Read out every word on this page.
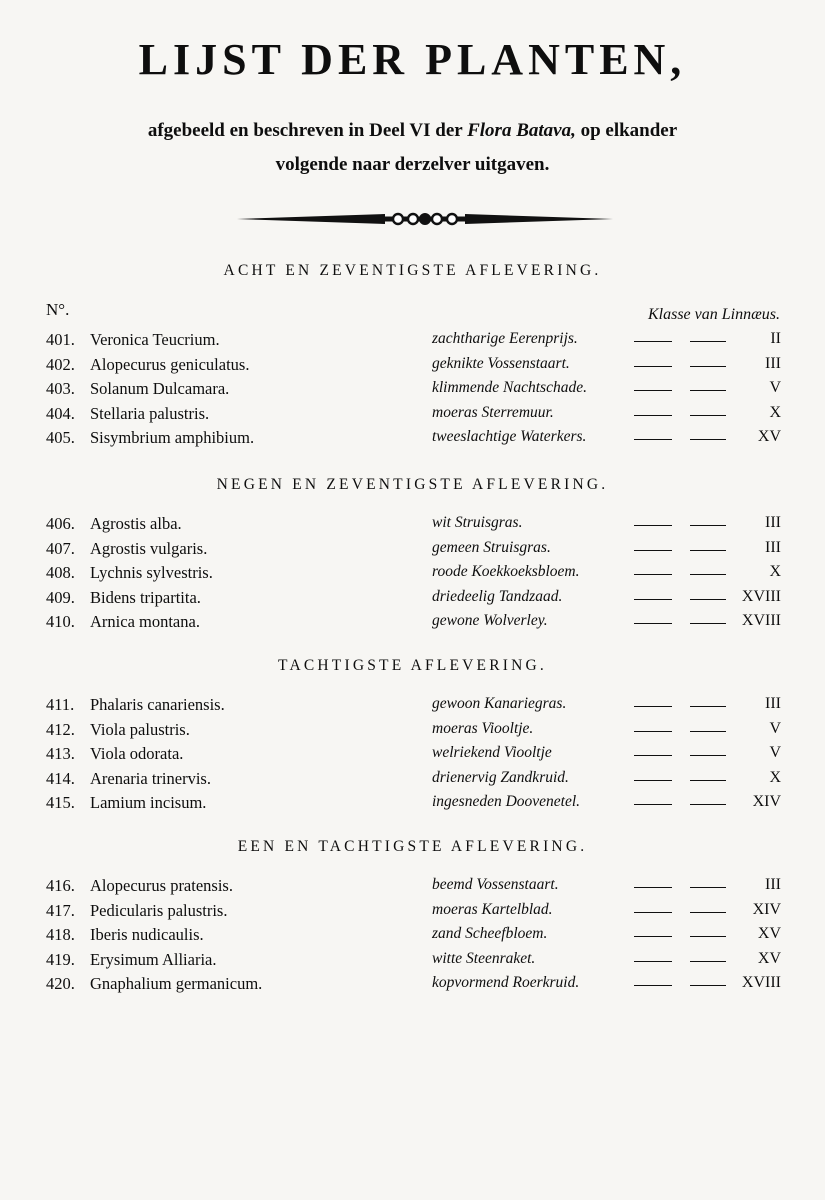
LIJST DER PLANTEN,

afgebeeld en beschreven in Deel VI der Flora Batava, op elkander
volgende naar derzelver uitgaven.

N°.	Klasse van Linnæus.
ACHT EN ZEVENTIGSTE AFLEVERING.
401. Veronica Teucrium.	zachtharige Eerenprijs.	II
402. Alopecurus geniculatus.	geknikte Vossenstaart.	III
403. Solanum Dulcamara.	klimmende Nachtschade.	V
404. Stellaria palustris.	moeras Sterremuur.	X
405. Sisymbrium amphibium.	tweeslachtige Waterkers.	XV
NEGEN EN ZEVENTIGSTE AFLEVERING.
406. Agrostis alba.	wit Struisgras.	III
407. Agrostis vulgaris.	gemeen Struisgras.	III
408. Lychnis sylvestris.	roode Koekkoeksbloem.	X
409. Bidens tripartita.	driedeelig Tandzaad.	XVIII
410. Arnica montana.	gewone Wolverley.	XVIII
TACHTIGSTE AFLEVERING.
411. Phalaris canariensis.	gewoon Kanariegras.	III
412. Viola palustris.	moeras Viooltje.	V
413. Viola odorata.	welriekend Viooltje	V
414. Arenaria trinervis.	drienervig Zandkruid.	X
415. Lamium incisum.	ingesneden Doovenetel.	XIV
EEN EN TACHTIGSTE AFLEVERING.
416. Alopecurus pratensis.	beemd Vossenstaart.	III
417. Pedicularis palustris.	moeras Kartelblad.	XIV
418. Iberis nudicaulis.	zand Scheefbloem.	XV
419. Erysimum Alliaria.	witte Steenraket.	XV
420. Gnaphalium germanicum.	kopvormend Roerkruid.	XVIII
